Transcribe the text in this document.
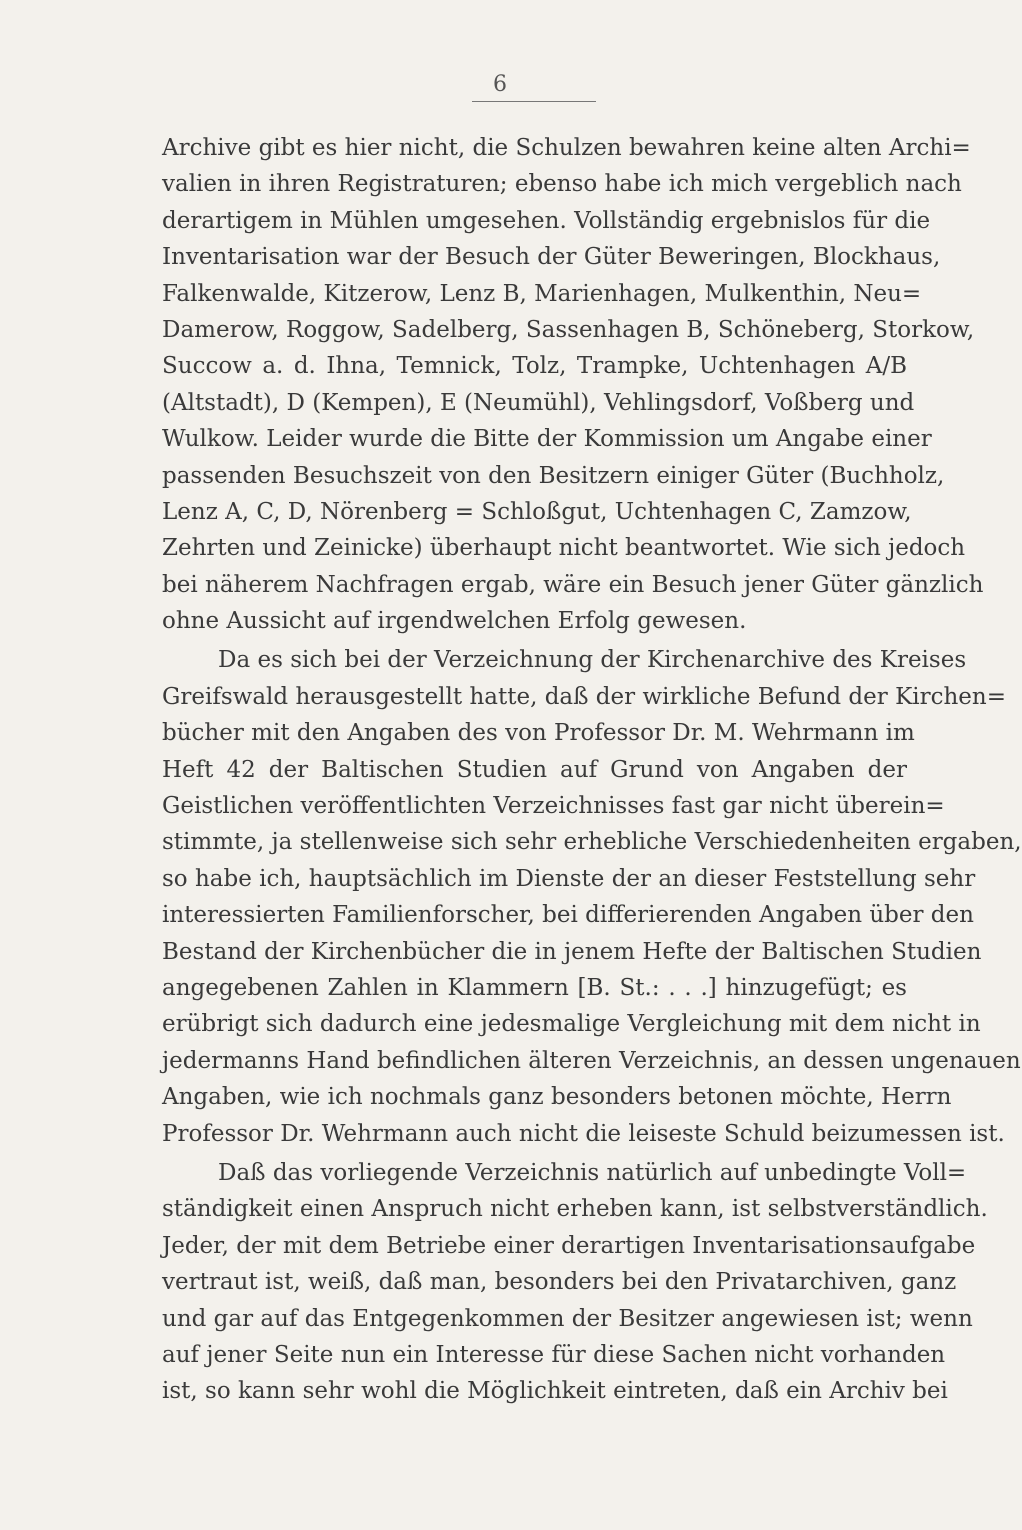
6
Archive gibt es hier nicht, die Schulzen bewahren keine alten Archi=
valien in ihren Registraturen; ebenso habe ich mich vergeblich nach
derartigem in Mühlen umgesehen. Vollständig ergebnislos für die
Inventarisation war der Besuch der Güter Beweringen, Blockhaus,
Falkenwalde, Kitzerow, Lenz B, Marienhagen, Mulkenthin, Neu=
Damerow, Roggow, Sadelberg, Sassenhagen B, Schöneberg, Storkow,
Succow a. d. Ihna, Temnick, Tolz, Trampke, Uchtenhagen A/B
(Altstadt), D (Kempen), E (Neumühl), Vehlingsdorf, Voßberg und
Wulkow. Leider wurde die Bitte der Kommission um Angabe einer
passenden Besuchszeit von den Besitzern einiger Güter (Buchholz,
Lenz A, C, D, Nörenberg = Schloßgut, Uchtenhagen C, Zamzow,
Zehrten und Zeinicke) überhaupt nicht beantwortet. Wie sich jedoch
bei näherem Nachfragen ergab, wäre ein Besuch jener Güter gänzlich
ohne Aussicht auf irgendwelchen Erfolg gewesen.
Da es sich bei der Verzeichnung der Kirchenarchive des Kreises
Greifswald herausgestellt hatte, daß der wirkliche Befund der Kirchen=
bücher mit den Angaben des von Professor Dr. M. Wehrmann im
Heft 42 der Baltischen Studien auf Grund von Angaben der
Geistlichen veröffentlichten Verzeichnisses fast gar nicht überein=
stimmte, ja stellenweise sich sehr erhebliche Verschiedenheiten ergaben,
so habe ich, hauptsächlich im Dienste der an dieser Feststellung sehr
interessierten Familienforscher, bei differierenden Angaben über den
Bestand der Kirchenbücher die in jenem Hefte der Baltischen Studien
angegebenen Zahlen in Klammern [B. St.: . . .] hinzugefügt; es
erübrigt sich dadurch eine jedesmalige Vergleichung mit dem nicht in
jedermanns Hand befindlichen älteren Verzeichnis, an dessen ungenauen
Angaben, wie ich nochmals ganz besonders betonen möchte, Herrn
Professor Dr. Wehrmann auch nicht die leiseste Schuld beizumessen ist.
Daß das vorliegende Verzeichnis natürlich auf unbedingte Voll=
ständigkeit einen Anspruch nicht erheben kann, ist selbstverständlich.
Jeder, der mit dem Betriebe einer derartigen Inventarisationsaufgabe
vertraut ist, weiß, daß man, besonders bei den Privatarchiven, ganz
und gar auf das Entgegenkommen der Besitzer angewiesen ist; wenn
auf jener Seite nun ein Interesse für diese Sachen nicht vorhanden
ist, so kann sehr wohl die Möglichkeit eintreten, daß ein Archiv bei
